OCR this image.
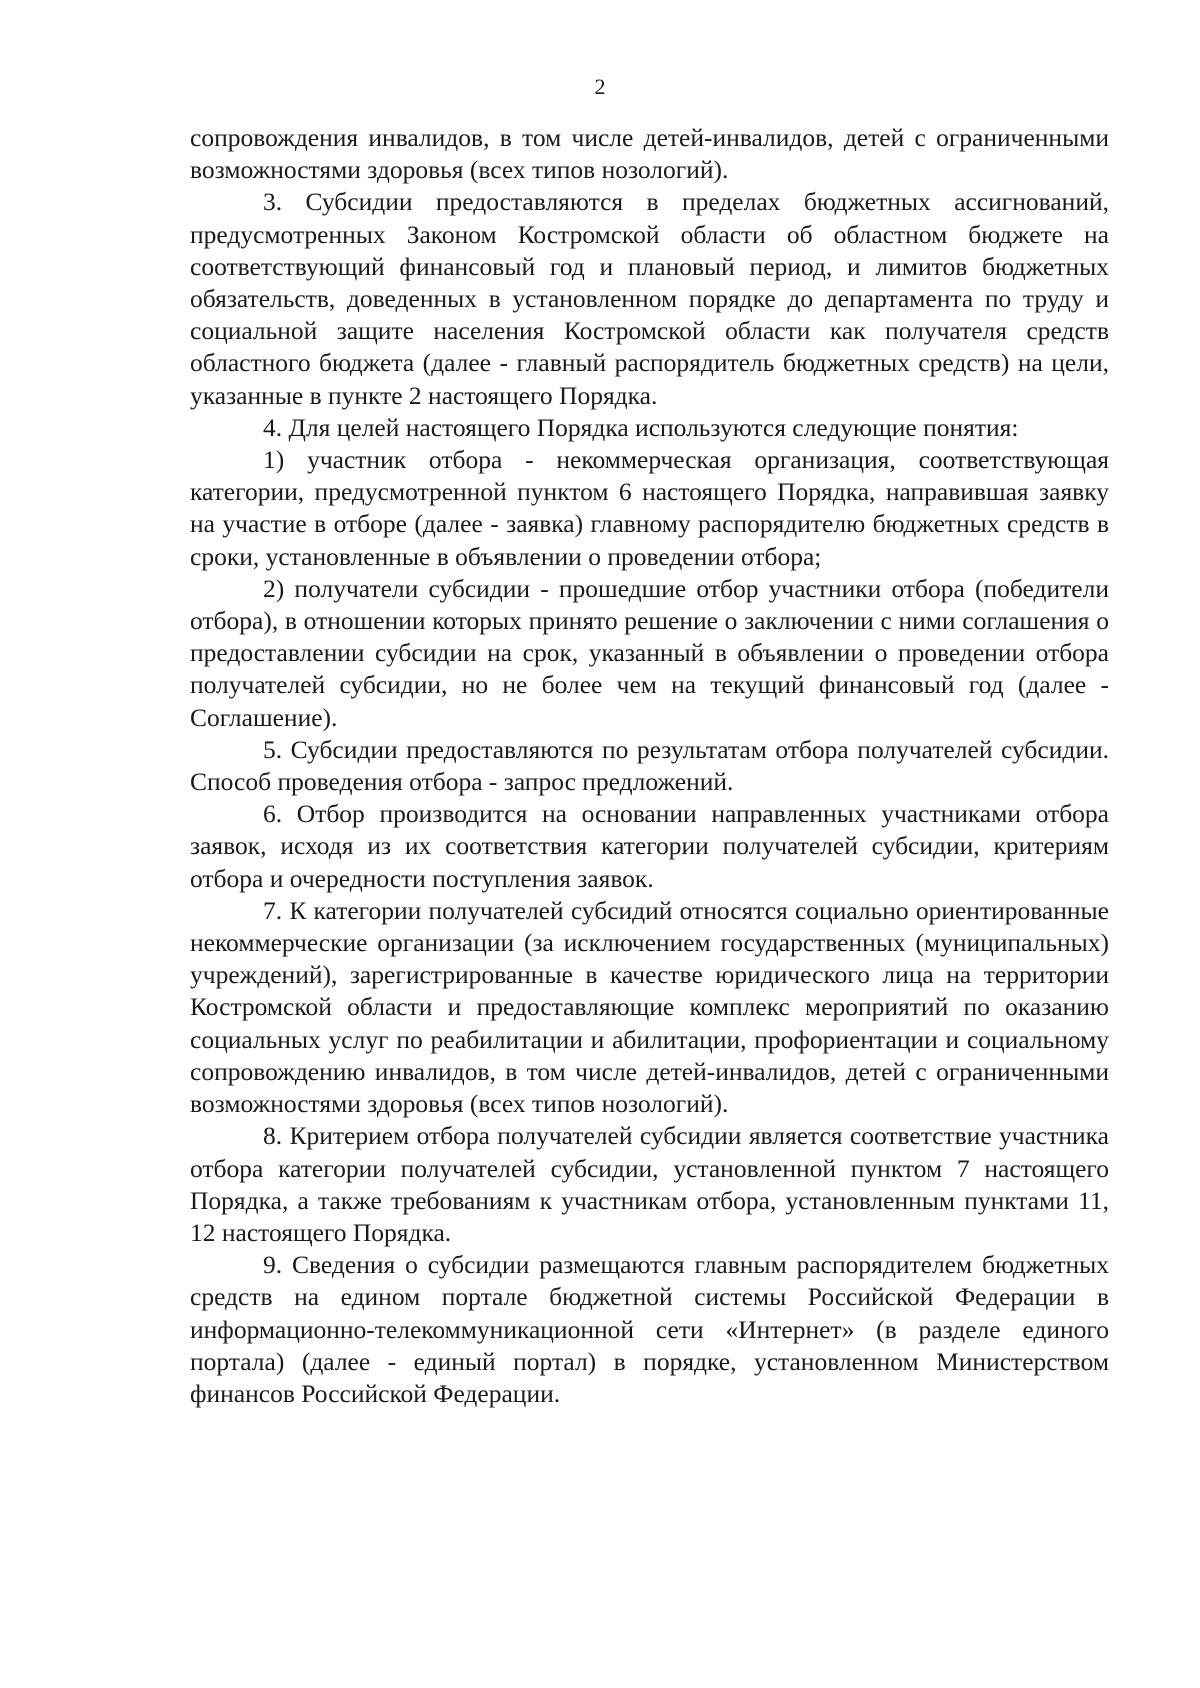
2

сопровождения инвалидов, в том числе детей-инвалидов, детей с ограниченными возможностями здоровья (всех типов нозологий).

3. Субсидии предоставляются в пределах бюджетных ассигнований, предусмотренных Законом Костромской области об областном бюджете на соответствующий финансовый год и плановый период, и лимитов бюджетных обязательств, доведенных в установленном порядке до департамента по труду и социальной защите населения Костромской области как получателя средств областного бюджета (далее - главный распорядитель бюджетных средств) на цели, указанные в пункте 2 настоящего Порядка.

4. Для целей настоящего Порядка используются следующие понятия:

1) участник отбора - некоммерческая организация, соответствующая категории, предусмотренной пунктом 6 настоящего Порядка, направившая заявку на участие в отборе (далее - заявка) главному распорядителю бюджетных средств в сроки, установленные в объявлении о проведении отбора;

2) получатели субсидии - прошедшие отбор участники отбора (победители отбора), в отношении которых принято решение о заключении с ними соглашения о предоставлении субсидии на срок, указанный в объявлении о проведении отбора получателей субсидии, но не более чем на текущий финансовый год (далее - Соглашение).

5. Субсидии предоставляются по результатам отбора получателей субсидии. Способ проведения отбора - запрос предложений.

6. Отбор производится на основании направленных участниками отбора заявок, исходя из их соответствия категории получателей субсидии, критериям отбора и очередности поступления заявок.

7. К категории получателей субсидий относятся социально ориентированные некоммерческие организации (за исключением государственных (муниципальных) учреждений), зарегистрированные в качестве юридического лица на территории Костромской области и предоставляющие комплекс мероприятий по оказанию социальных услуг по реабилитации и абилитации, профориентации и социальному сопровождению инвалидов, в том числе детей-инвалидов, детей с ограниченными возможностями здоровья (всех типов нозологий).

8. Критерием отбора получателей субсидии является соответствие участника отбора категории получателей субсидии, установленной пунктом 7 настоящего Порядка, а также требованиям к участникам отбора, установленным пунктами 11, 12 настоящего Порядка.

9. Сведения о субсидии размещаются главным распорядителем бюджетных средств на едином портале бюджетной системы Российской Федерации в информационно-телекоммуникационной сети «Интернет» (в разделе единого портала) (далее - единый портал) в порядке, установленном Министерством финансов Российской Федерации.
